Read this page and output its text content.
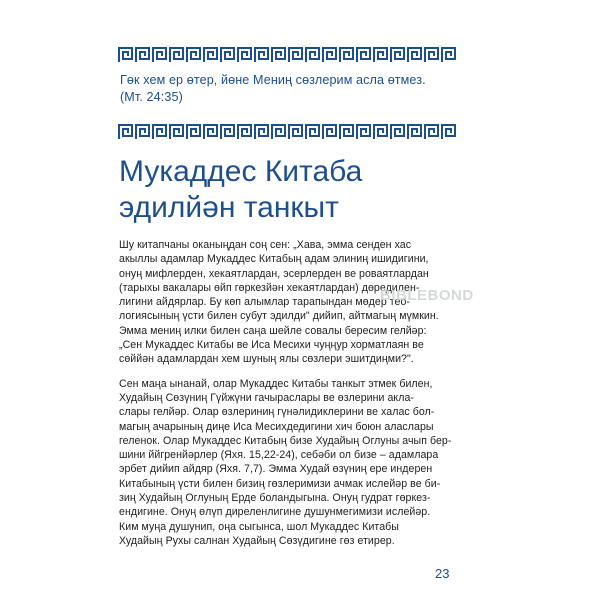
Гөк хем ер өтер, йөне Мениң сөзлерим асла өтмез.
(Мт. 24:35)
Мукаддес Китаба
эдилйән танкыт
Шу китапчаны оканыңдан соң сен: „Хава, эмма сенден хас
акыллы адамлар Мукаддес Китабың адам элиниң ишидигини,
онуң мифлерден, хекаятлардан, эсерлерден ве роваятлардан
(тарыхы вакалары өйп гөркезйән хекаятлардан) дөредилен-
лигини айдярлар. Бу көп алымлар тарапындан мөдер теo-
логиясының үсти билен субут эдилди" дийип, айтмагың мүмкин.
Эмма мениң илки билен саңа шейле совалы бересим гелйәр:
„Сен Мукаддес Китабы ве Иса Месихи чуңңур хорматлаян ве
сөййән адамлардан хем шуның ялы сөзлери эшитдиңми?".
Сен маңа ынанай, олар Мукаддес Китабы танкыт этмек билен,
Худайың Сөзүниң Гүйжүни гачыраслары ве өзлерини акла-
слары гелйәр. Олар өзлериниң гүнәлидиклерини ве халас бол-
магың ачарының диңе Иса Месихдедигини хич боюн аласлары
геленок. Олар Мукаддес Китабың бизе Худайың Оглуны ачып бер-
шини ййгренйәрлер (Яхя. 15,22-24), себәби ол бизе – адамлара
эрбет дийип айдяр (Яхя. 7,7). Эмма Худай өзүниң ере индерен
Китабының үсти билен бизиң гөзлеримизи ачмак ислейәр ве би-
зиң Худайың Оглуның Ерде боландыгына. Онуң гудрат гөркез-
ендигине. Онуң өлүп диреленлигине душунмегимизи ислейәр.
Ким муңа душунип, оңа сыгынса, шол Мукаддес Китабы
Худайың Рухы салнан Худайың Сөзүдигине гөз етирер.
BIBLEBOND
23
